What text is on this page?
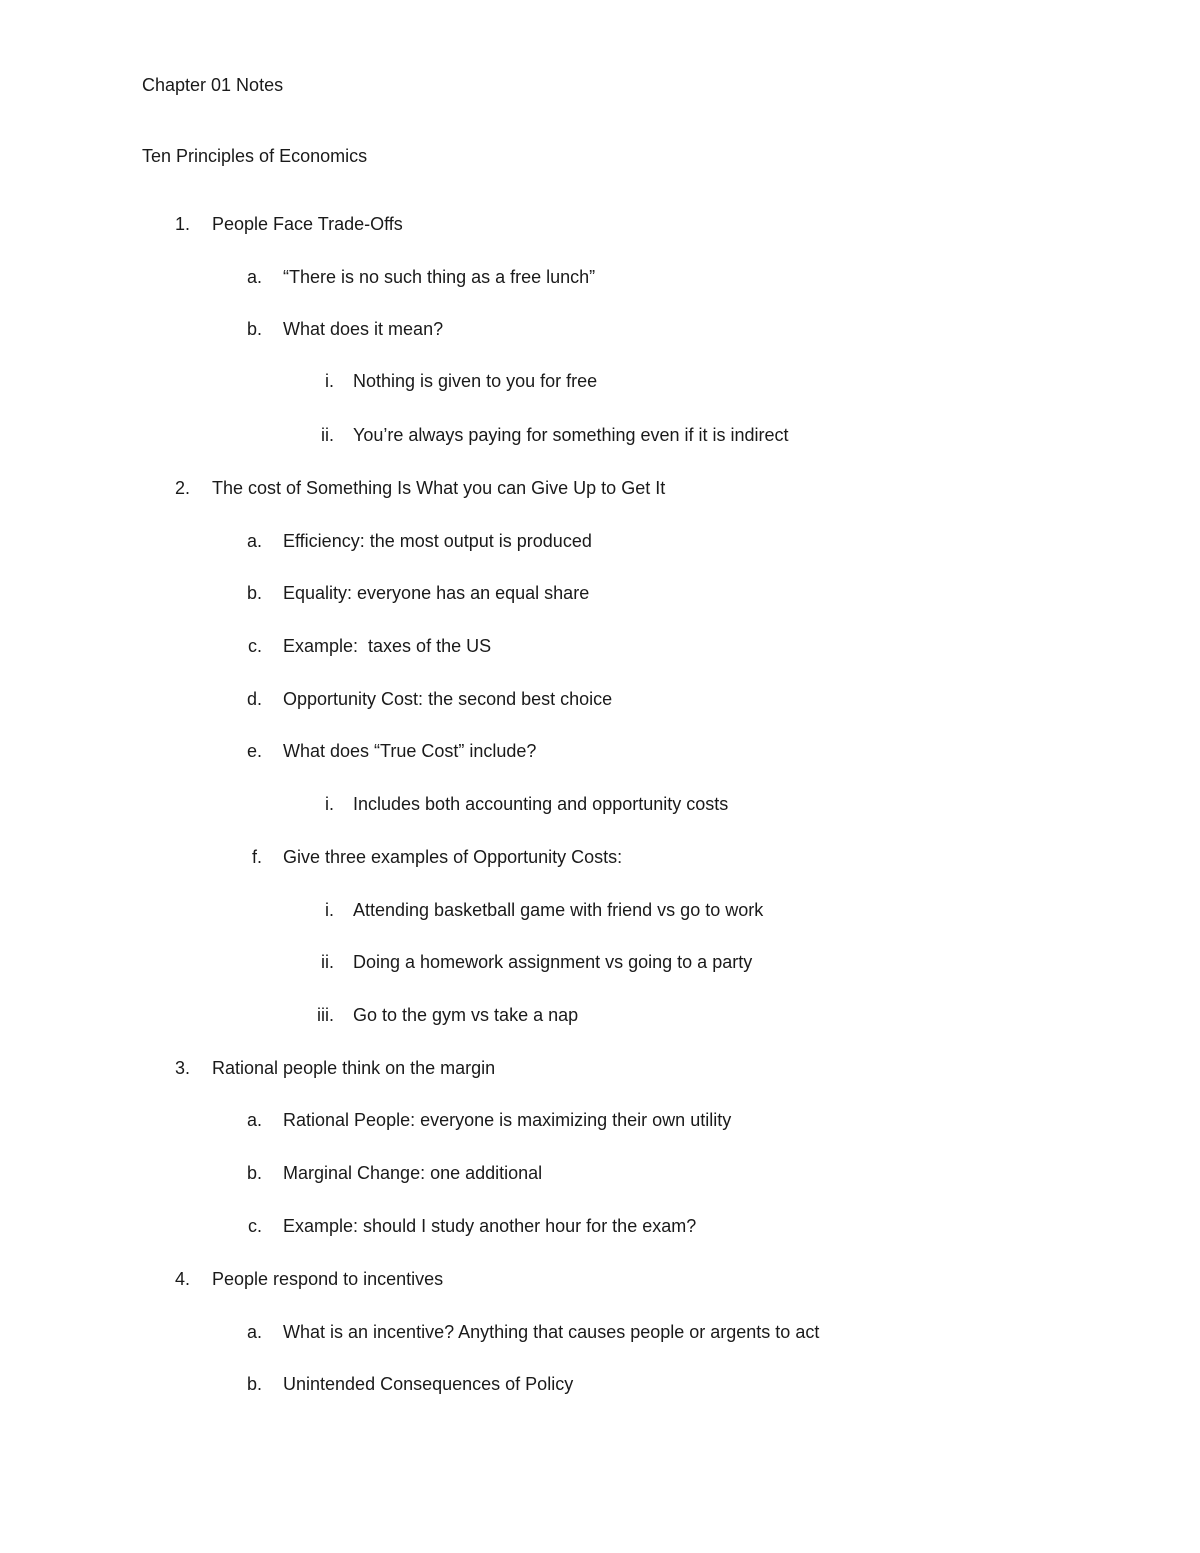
Chapter 01 Notes
Ten Principles of Economics
1. People Face Trade-Offs
a. “There is no such thing as a free lunch”
b. What does it mean?
i. Nothing is given to you for free
ii. You’re always paying for something even if it is indirect
2. The cost of Something Is What you can Give Up to Get It
a. Efficiency: the most output is produced
b. Equality: everyone has an equal share
c. Example:  taxes of the US
d. Opportunity Cost: the second best choice
e. What does “True Cost” include?
i. Includes both accounting and opportunity costs
f. Give three examples of Opportunity Costs:
i. Attending basketball game with friend vs go to work
ii. Doing a homework assignment vs going to a party
iii. Go to the gym vs take a nap
3. Rational people think on the margin
a. Rational People: everyone is maximizing their own utility
b. Marginal Change: one additional
c. Example: should I study another hour for the exam?
4. People respond to incentives
a. What is an incentive? Anything that causes people or argents to act
b. Unintended Consequences of Policy
